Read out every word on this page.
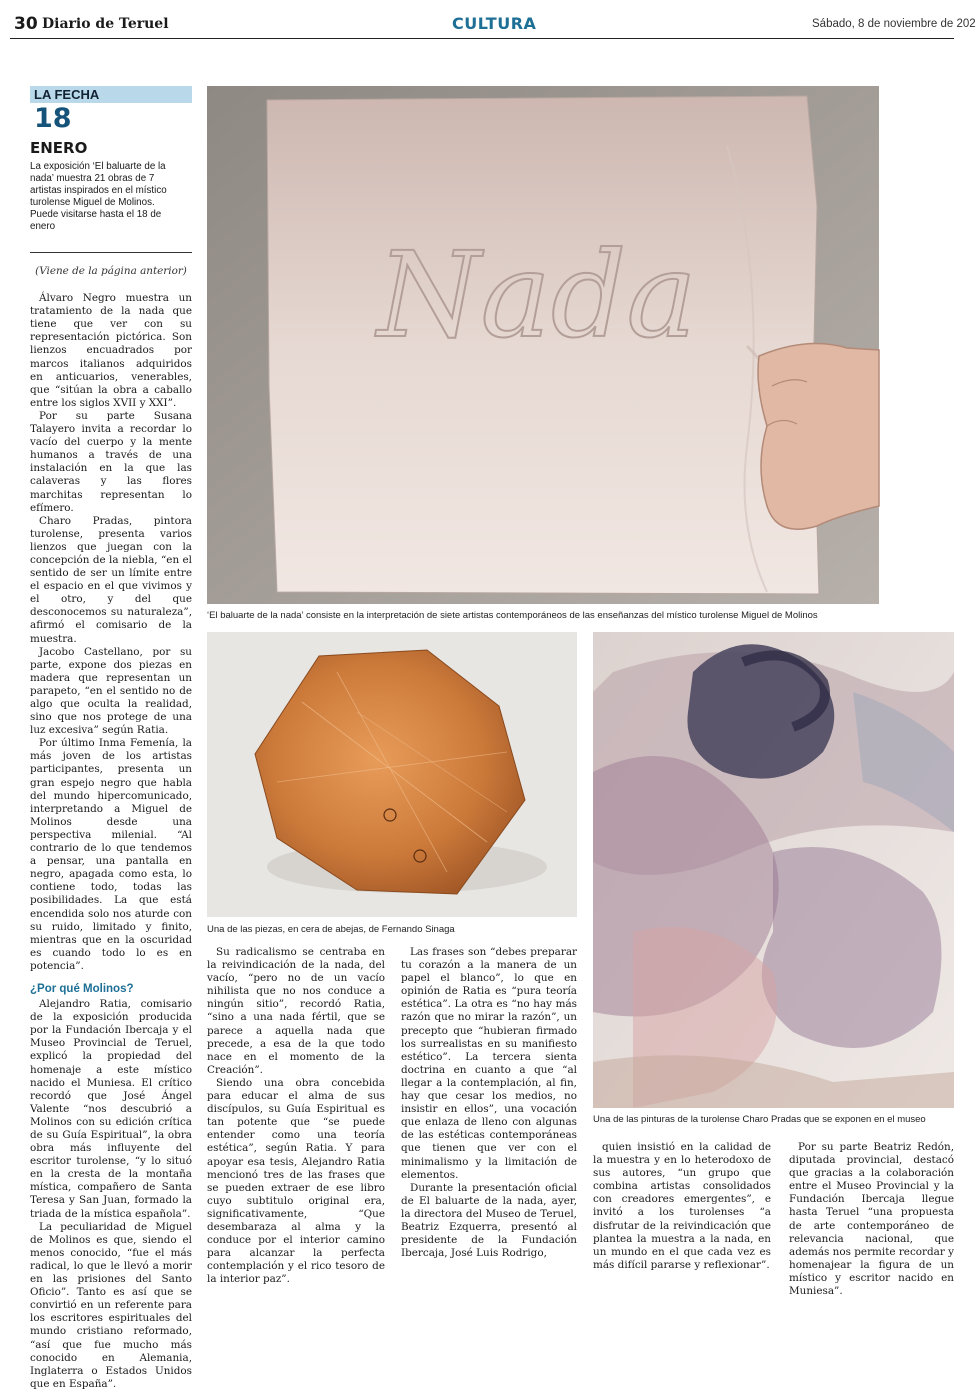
30 Diario de Teruel	CULTURA	Sábado, 8 de noviembre de 202
LA FECHA
18
ENERO
La exposición ‘El baluarte de la nada’ muestra 21 obras de 7 artistas inspirados en el místico turolense Miguel de Molinos. Puede visitarse hasta el 18 de enero

(Viene de la página anterior)

Álvaro Negro muestra un tratamiento de la nada que tiene que ver con su representación pictórica. Son lienzos encuadrados por marcos italianos adquiridos en anticuarios, venerables, que “sitúan la obra a caballo entre los siglos XVII y XXI”.

Por su parte Susana Talayero invita a recordar lo vacío del cuerpo y la mente humanos a través de una instalación en la que las calaveras y las flores marchitas representan lo efímero.

Charo Pradas, pintora turolense, presenta varios lienzos que juegan con la concepción de la niebla, “en el sentido de ser un límite entre el espacio en el que vivimos y el otro, y del que desconocemos su naturaleza”, afirmó el comisario de la muestra.

Jacobo Castellano, por su parte, expone dos piezas en madera que representan un parapeto, “en el sentido no de algo que oculta la realidad, sino que nos protege de una luz excesiva” según Ratia.

Por último Inma Femenía, la más joven de los artistas participantes, presenta un gran espejo negro que habla del mundo hipercomunicado, interpretando a Miguel de Molinos desde una perspectiva milenial. “Al contrario de lo que tendemos a pensar, una pantalla en negro, apagada como esta, lo contiene todo, todas las posibilidades. La que está encendida solo nos aturde con su ruido, limitado y finito, mientras que en la oscuridad es cuando todo lo es en potencia”.

¿Por qué Molinos?

Alejandro Ratia, comisario de la exposición producida por la Fundación Ibercaja y el Museo Provincial de Teruel, explicó la propiedad del homenaje a este místico nacido el Muniesa. El crítico recordó que José Ángel Valente “nos descubrió a Molinos con su edición crítica de su Guía Espiritual”, la obra obra más influyente del escritor turolense, “y lo situó en la cresta de la montaña mística, compañero de Santa Teresa y San Juan, formado la triada de la mística española”.

La peculiaridad de Miguel de Molinos es que, siendo el menos conocido, “fue el más radical, lo que le llevó a morir en las prisiones del Santo Oficio”. Tanto es así que se convirtió en un referente para los escritores espirituales del mundo cristiano reformado, “así que fue mucho más conocido en Alemania, Inglaterra o Estados Unidos que en España”.

Nada
‘El baluarte de la nada’ consiste en la interpretación de siete artistas contemporáneos de las enseñanzas del místico turolense Miguel de Molinos
Una de las piezas, en cera de abejas, de Fernando Sinaga
Una de las pinturas de la turolense Charo Pradas que se exponen en el museo

Su radicalismo se centraba en la reivindicación de la nada, del vacío, “pero no de un vacío nihilista que no nos conduce a ningún sitio”, recordó Ratia, “sino a una nada fértil, que se parece a aquella nada que precede, a esa de la que todo nace en el momento de la Creación”.

Siendo una obra concebida para educar el alma de sus discípulos, su Guía Espiritual es tan potente que “se puede entender como una teoría estética”, según Ratia. Y para apoyar esa tesis, Alejandro Ratia mencionó tres de las frases que se pueden extraer de ese libro cuyo subtitulo original era, significativamente, “Que desembaraza al alma y la conduce por el interior camino para alcanzar la perfecta contemplación y el rico tesoro de la interior paz”.

Las frases son “debes preparar tu corazón a la manera de un papel el blanco”, lo que en opinión de Ratia es “pura teoría estética”. La otra es “no hay más razón que no mirar la razón”, un precepto que “hubieran firmado los surrealistas en su manifiesto estético”. La tercera sienta doctrina en cuanto a que “al llegar a la contemplación, al fin, hay que cesar los medios, no insistir en ellos”, una vocación que enlaza de lleno con algunas de las estéticas contemporáneas que tienen que ver con el minimalismo y la limitación de elementos.

Durante la presentación oficial de El baluarte de la nada, ayer, la directora del Museo de Teruel, Beatriz Ezquerra, presentó al presidente de la Fundación Ibercaja, José Luis Rodrigo,

quien insistió en la calidad de la muestra y en lo heterodoxo de sus autores, “un grupo que combina artistas consolidados con creadores emergentes”, e invitó a los turolenses “a disfrutar de la reivindicación que plantea la muestra a la nada, en un mundo en el que cada vez es más difícil pararse y reflexionar”.

Por su parte Beatriz Redón, diputada provincial, destacó que gracias a la colaboración entre el Museo Provincial y la Fundación Ibercaja llegue hasta Teruel “una propuesta de arte contemporáneo de relevancia nacional, que además nos permite recordar y homenajear la figura de un místico y escritor nacido en Muniesa”.
